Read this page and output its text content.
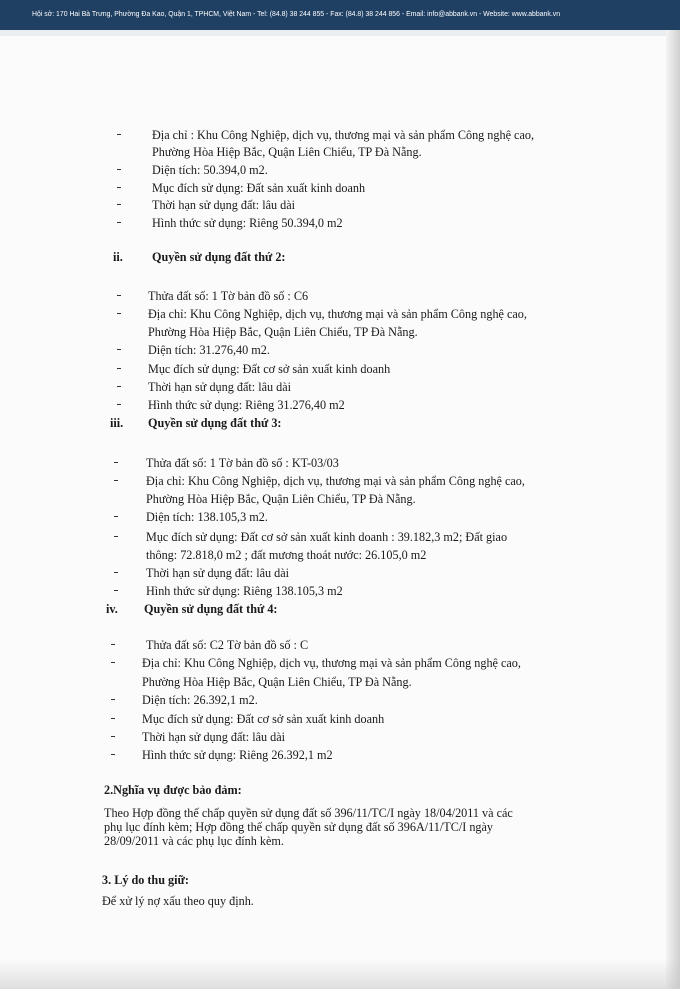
Hội sở: 170 Hai Bà Trưng, Phường Đa Kao, Quận 1, TPHCM, Việt Nam - Tel: (84.8) 38 244 855 - Fax: (84.8) 38 244 856 - Email: info@abbank.vn - Website: www.abbank.vn
Địa chỉ : Khu Công Nghiệp, dịch vụ, thương mại và sản phẩm Công nghệ cao,
Phường Hòa Hiệp Bắc, Quận Liên Chiểu, TP Đà Nẵng.
Diện tích: 50.394,0 m2.
Mục đích sử dụng: Đất sản xuất kinh doanh
Thời hạn sử dụng đất: lâu dài
Hình thức sử dụng: Riêng 50.394,0 m2
ii. Quyền sử dụng đất thứ 2:
Thửa đất số: 1 Tờ bản đồ số : C6
Địa chỉ: Khu Công Nghiệp, dịch vụ, thương mại và sản phẩm Công nghệ cao,
Phường Hòa Hiệp Bắc, Quận Liên Chiểu, TP Đà Nẵng.
Diện tích: 31.276,40 m2.
Mục đích sử dụng: Đất cơ sở sản xuất kinh doanh
Thời hạn sử dụng đất: lâu dài
Hình thức sử dụng: Riêng 31.276,40 m2
iii. Quyền sử dụng đất thứ 3:
Thửa đất số: 1 Tờ bản đồ số : KT-03/03
Địa chỉ: Khu Công Nghiệp, dịch vụ, thương mại và sản phẩm Công nghệ cao,
Phường Hòa Hiệp Bắc, Quận Liên Chiểu, TP Đà Nẵng.
Diện tích: 138.105,3 m2.
Mục đích sử dụng: Đất cơ sở sản xuất kinh doanh : 39.182,3 m2; Đất giao
thông: 72.818,0 m2 ; đất mương thoát nước: 26.105,0 m2
Thời hạn sử dụng đất: lâu dài
Hình thức sử dụng: Riêng 138.105,3 m2
iv. Quyền sử dụng đất thứ 4:
Thửa đất số: C2 Tờ bản đồ số : C
Địa chỉ: Khu Công Nghiệp, dịch vụ, thương mại và sản phẩm Công nghệ cao,
Phường Hòa Hiệp Bắc, Quận Liên Chiểu, TP Đà Nẵng.
Diện tích: 26.392,1 m2.
Mục đích sử dụng: Đất cơ sở sản xuất kinh doanh
Thời hạn sử dụng đất: lâu dài
Hình thức sử dụng: Riêng 26.392,1 m2
2.Nghĩa vụ được bảo đảm:
Theo Hợp đồng thế chấp quyền sử dụng đất số 396/11/TC/I ngày 18/04/2011 và các
phụ lục đính kèm; Hợp đồng thế chấp quyền sử dụng đất số 396A/11/TC/I ngày
28/09/2011 và các phụ lục đính kèm.
3. Lý do thu giữ:
Để xử lý nợ xấu theo quy định.
